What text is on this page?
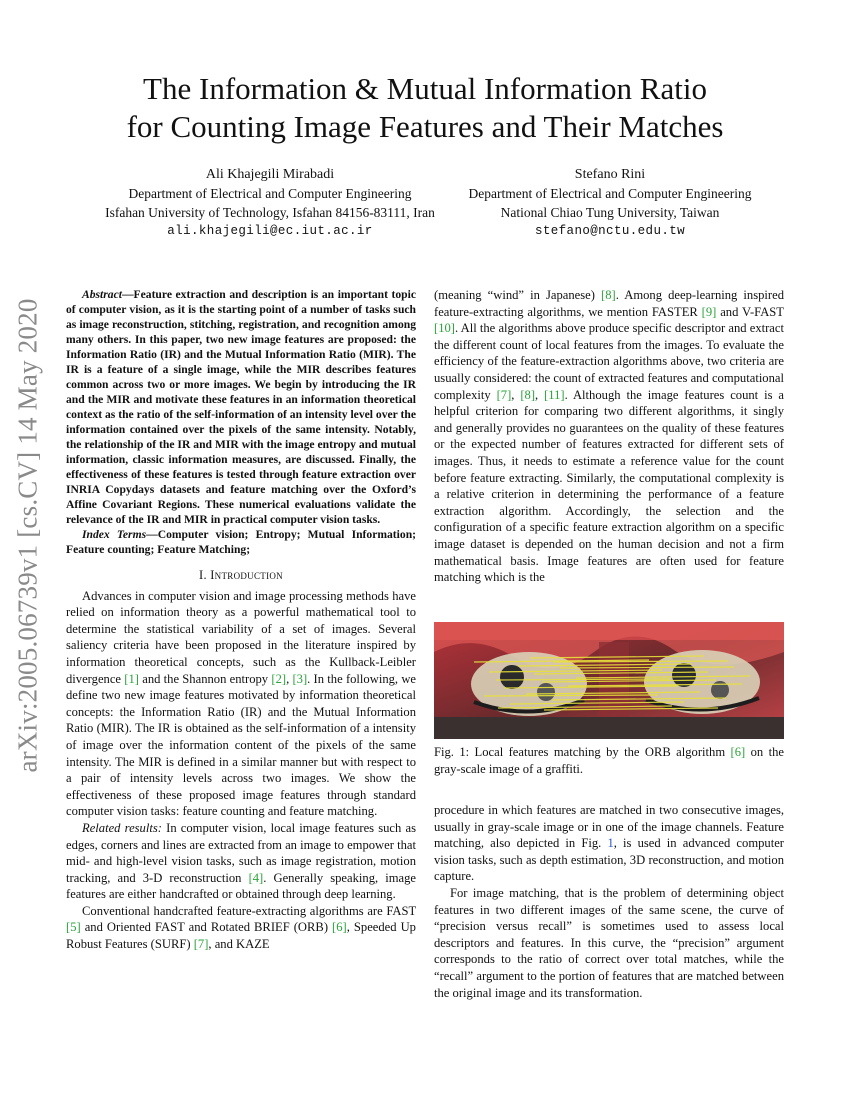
arXiv:2005.06739v1 [cs.CV] 14 May 2020
The Information & Mutual Information Ratio
for Counting Image Features and Their Matches
Ali Khajegili Mirabadi
Department of Electrical and Computer Engineering
Isfahan University of Technology, Isfahan 84156-83111, Iran
ali.khajegili@ec.iut.ac.ir
Stefano Rini
Department of Electrical and Computer Engineering
National Chiao Tung University, Taiwan
stefano@nctu.edu.tw

Abstract—Feature extraction and description is an important topic of computer vision, as it is the starting point of a number of tasks such as image reconstruction, stitching, registration, and recognition among many others. In this paper, two new image features are proposed: the Information Ratio (IR) and the Mutual Information Ratio (MIR). The IR is a feature of a single image, while the MIR describes features common across two or more images. We begin by introducing the IR and the MIR and motivate these features in an information theoretical context as the ratio of the self-information of an intensity level over the information contained over the pixels of the same intensity. Notably, the relationship of the IR and MIR with the image entropy and mutual information, classic information measures, are discussed. Finally, the effectiveness of these features is tested through feature extraction over INRIA Copydays datasets and feature matching over the Oxford’s Affine Covariant Regions. These numerical evaluations validate the relevance of the IR and MIR in practical computer vision tasks.

Index Terms—Computer vision; Entropy; Mutual Information; Feature counting; Feature Matching;

I. Introduction

Advances in computer vision and image processing methods have relied on information theory as a powerful mathematical tool to determine the statistical variability of a set of images. Several saliency criteria have been proposed in the literature inspired by information theoretical concepts, such as the Kullback-Leibler divergence [1] and the Shannon entropy [2], [3]. In the following, we define two new image features motivated by information theoretical concepts: the Information Ratio (IR) and the Mutual Information Ratio (MIR). The IR is obtained as the self-information of a intensity of image over the information content of the pixels of the same intensity. The MIR is defined in a similar manner but with respect to a pair of intensity levels across two images. We show the effectiveness of these proposed image features through standard computer vision tasks: feature counting and feature matching.

Related results: In computer vision, local image features such as edges, corners and lines are extracted from an image to empower that mid- and high-level vision tasks, such as image registration, motion tracking, and 3-D reconstruction [4]. Generally speaking, image features are either handcrafted or obtained through deep learning.

Conventional handcrafted feature-extracting algorithms are FAST [5] and Oriented FAST and Rotated BRIEF (ORB) [6], Speeded Up Robust Features (SURF) [7], and KAZE

(meaning “wind” in Japanese) [8]. Among deep-learning inspired feature-extracting algorithms, we mention FASTER [9] and V-FAST [10]. All the algorithms above produce specific descriptor and extract the different count of local features from the images. To evaluate the efficiency of the feature-extraction algorithms above, two criteria are usually considered: the count of extracted features and computational complexity [7], [8], [11]. Although the image features count is a helpful criterion for comparing two different algorithms, it singly and generally provides no guarantees on the quality of these features or the expected number of features extracted for different sets of images. Thus, it needs to estimate a reference value for the count before feature extracting. Similarly, the computational complexity is a relative criterion in determining the performance of a feature extraction algorithm. Accordingly, the selection and the configuration of a specific feature extraction algorithm on a specific image dataset is depended on the human decision and not a firm mathematical basis. Image features are often used for feature matching which is the

Fig. 1: Local features matching by the ORB algorithm [6] on the gray-scale image of a graffiti.

procedure in which features are matched in two consecutive images, usually in gray-scale image or in one of the image channels. Feature matching, also depicted in Fig. 1, is used in advanced computer vision tasks, such as depth estimation, 3D reconstruction, and motion capture.

For image matching, that is the problem of determining object features in two different images of the same scene, the curve of “precision versus recall” is sometimes used to assess local descriptors and features. In this curve, the “precision” argument corresponds to the ratio of correct over total matches, while the “recall” argument to the portion of features that are matched between the original image and its transformation.
